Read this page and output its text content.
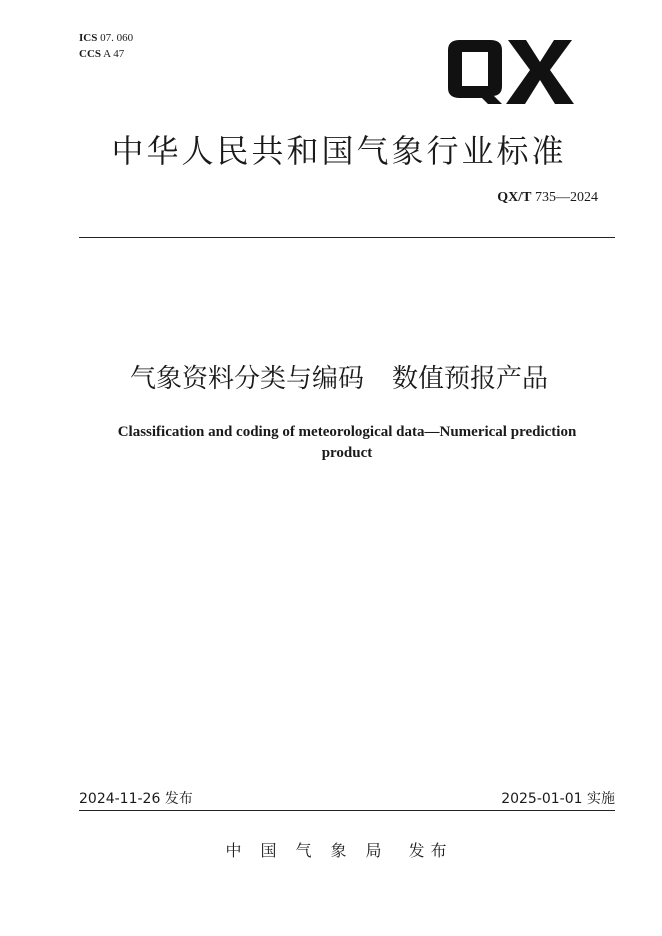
ICS 07. 060
CCS A 47
中华人民共和国气象行业标准
QX/T 735—2024
气象资料分类与编码 数值预报产品
Classification and coding of meteorological data—Numerical prediction product
2024-11-26 发布	2025-01-01 实施
中国气象局 发布
